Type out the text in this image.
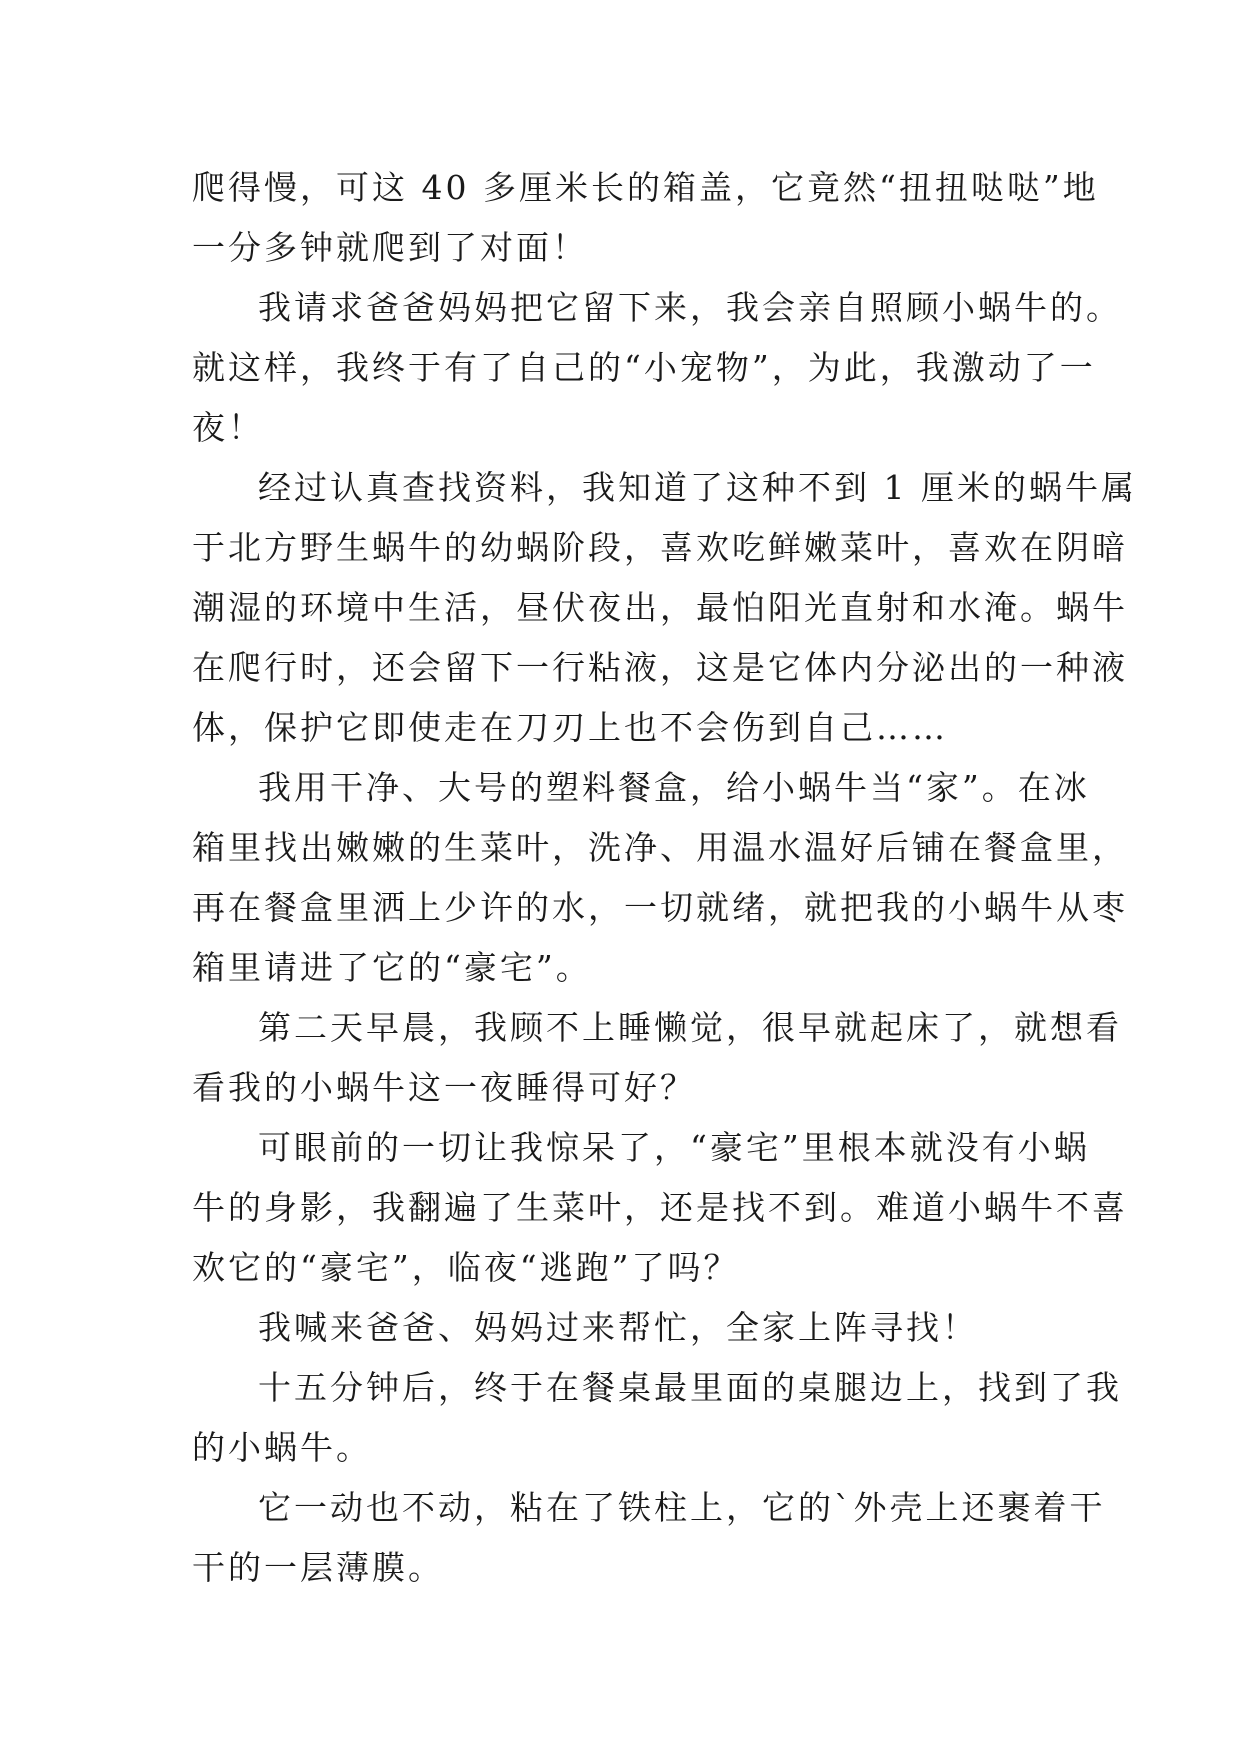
爬得慢，可这 40 多厘米长的箱盖，它竟然“扭扭哒哒”地
一分多钟就爬到了对面！
我请求爸爸妈妈把它留下来，我会亲自照顾小蜗牛的。
就这样，我终于有了自己的“小宠物”，为此，我激动了一
夜！
经过认真查找资料，我知道了这种不到 1 厘米的蜗牛属
于北方野生蜗牛的幼蜗阶段，喜欢吃鲜嫩菜叶，喜欢在阴暗
潮湿的环境中生活，昼伏夜出，最怕阳光直射和水淹。蜗牛
在爬行时，还会留下一行粘液，这是它体内分泌出的一种液
体，保护它即使走在刀刃上也不会伤到自己……
我用干净、大号的塑料餐盒，给小蜗牛当“家”。在冰
箱里找出嫩嫩的生菜叶，洗净、用温水温好后铺在餐盒里，
再在餐盒里洒上少许的水，一切就绪，就把我的小蜗牛从枣
箱里请进了它的“豪宅”。
第二天早晨，我顾不上睡懒觉，很早就起床了，就想看
看我的小蜗牛这一夜睡得可好？
可眼前的一切让我惊呆了，“豪宅”里根本就没有小蜗
牛的身影，我翻遍了生菜叶，还是找不到。难道小蜗牛不喜
欢它的“豪宅”，临夜“逃跑”了吗？
我喊来爸爸、妈妈过来帮忙，全家上阵寻找！
十五分钟后，终于在餐桌最里面的桌腿边上，找到了我
的小蜗牛。
它一动也不动，粘在了铁柱上，它的`外壳上还裹着干
干的一层薄膜。
